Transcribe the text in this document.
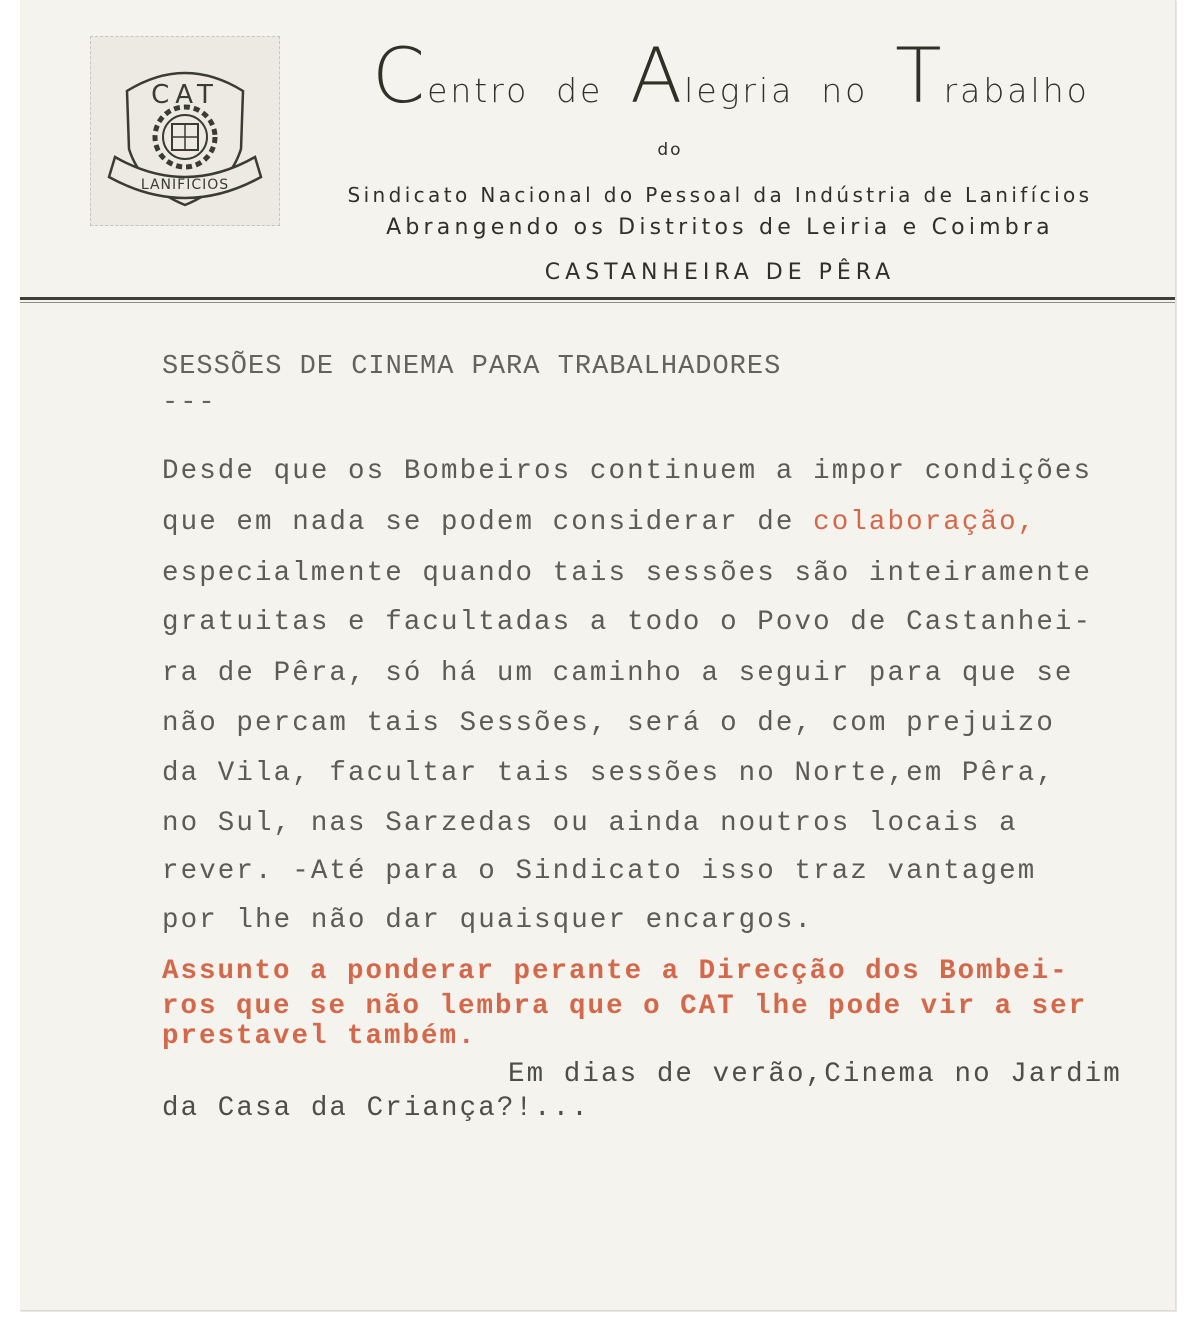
CAT
LANIFICIOS
Centro de Alegria no Trabalho
do
Sindicato Nacional do Pessoal da Indústria de Lanifícios
Abrangendo os Distritos de Leiria e Coimbra
CASTANHEIRA DE PÊRA
SESSÕES DE CINEMA PARA TRABALHADORES
---
Desde que os Bombeiros continuem a impor condições
que em nada se podem considerar de colaboração,
especialmente quando tais sessões são inteiramente
gratuitas e facultadas a todo o Povo de Castanhei-
ra de Pêra, só há um caminho a seguir para que se
não percam tais Sessões, será o de, com prejuizo
da Vila, facultar tais sessões no Norte,em Pêra,
no Sul, nas Sarzedas ou ainda noutros locais a
rever. -Até para o Sindicato isso traz vantagem
por lhe não dar quaisquer encargos.
Assunto a ponderar perante a Direcção dos Bombei-
ros que se não lembra que o CAT lhe pode vir a ser
prestavel também.
Em dias de verão,Cinema no Jardim
da Casa da Criança?!...
